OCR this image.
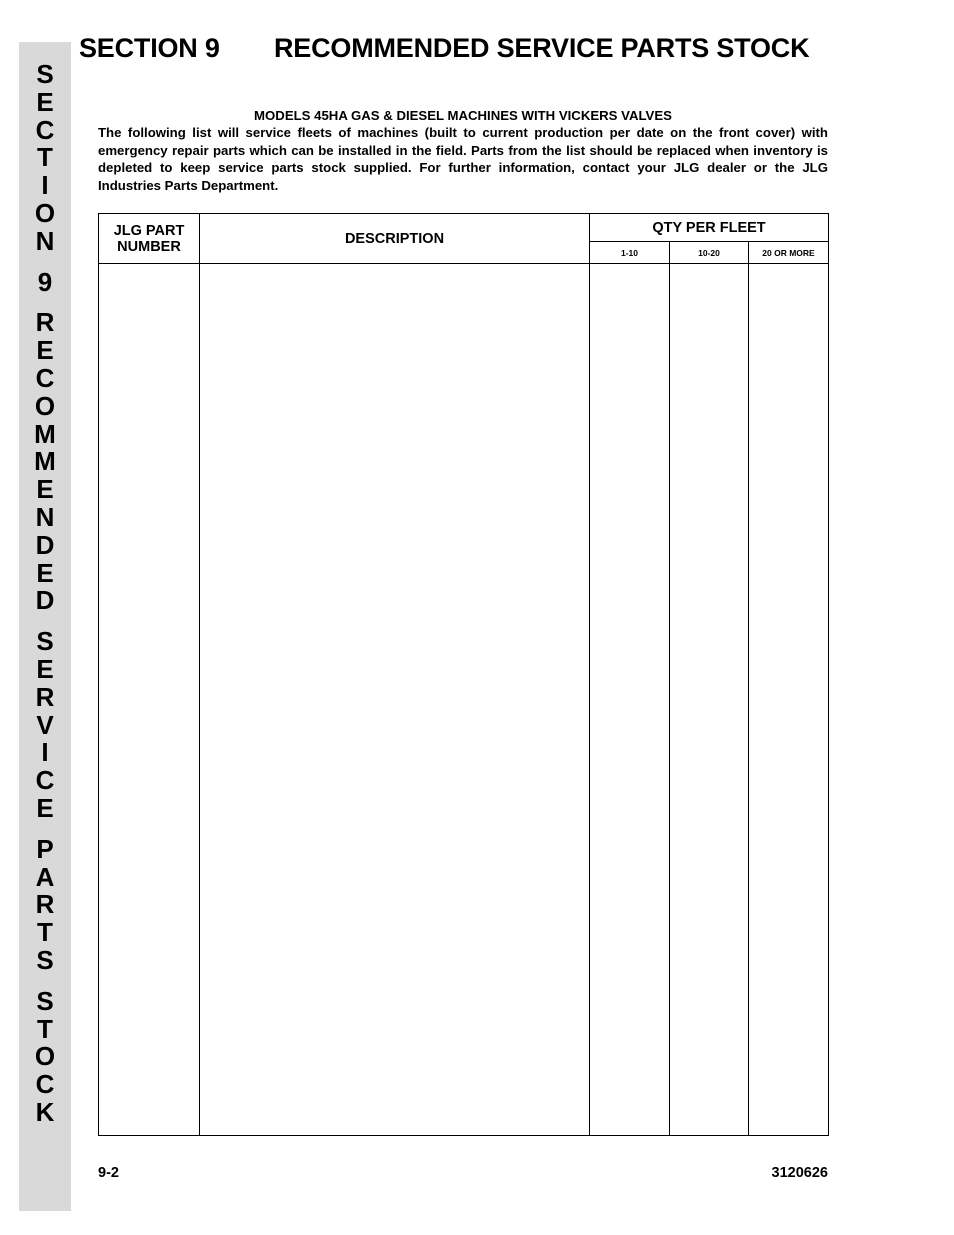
S
E
C
T
I
O
N
9
R
E
C
O
M
M
E
N
D
E
D
S
E
R
V
I
C
E
P
A
R
T
S
S
T
O
C
K
SECTION 9 RECOMMENDED SERVICE PARTS STOCK
MODELS 45HA GAS & DIESEL MACHINES WITH VICKERS VALVES

The following list will service fleets of machines (built to current production per date on the front cover) with emergency repair parts which can be installed in the field. Parts from the list should be replaced when inventory is depleted to keep service parts stock supplied. For further information, contact your JLG dealer or the JLG Industries Parts Department.

JLG PART
NUMBER	DESCRIPTION	QTY PER FLEET		
		1-10	10-20	20 OR MORE

9-2	3120626
